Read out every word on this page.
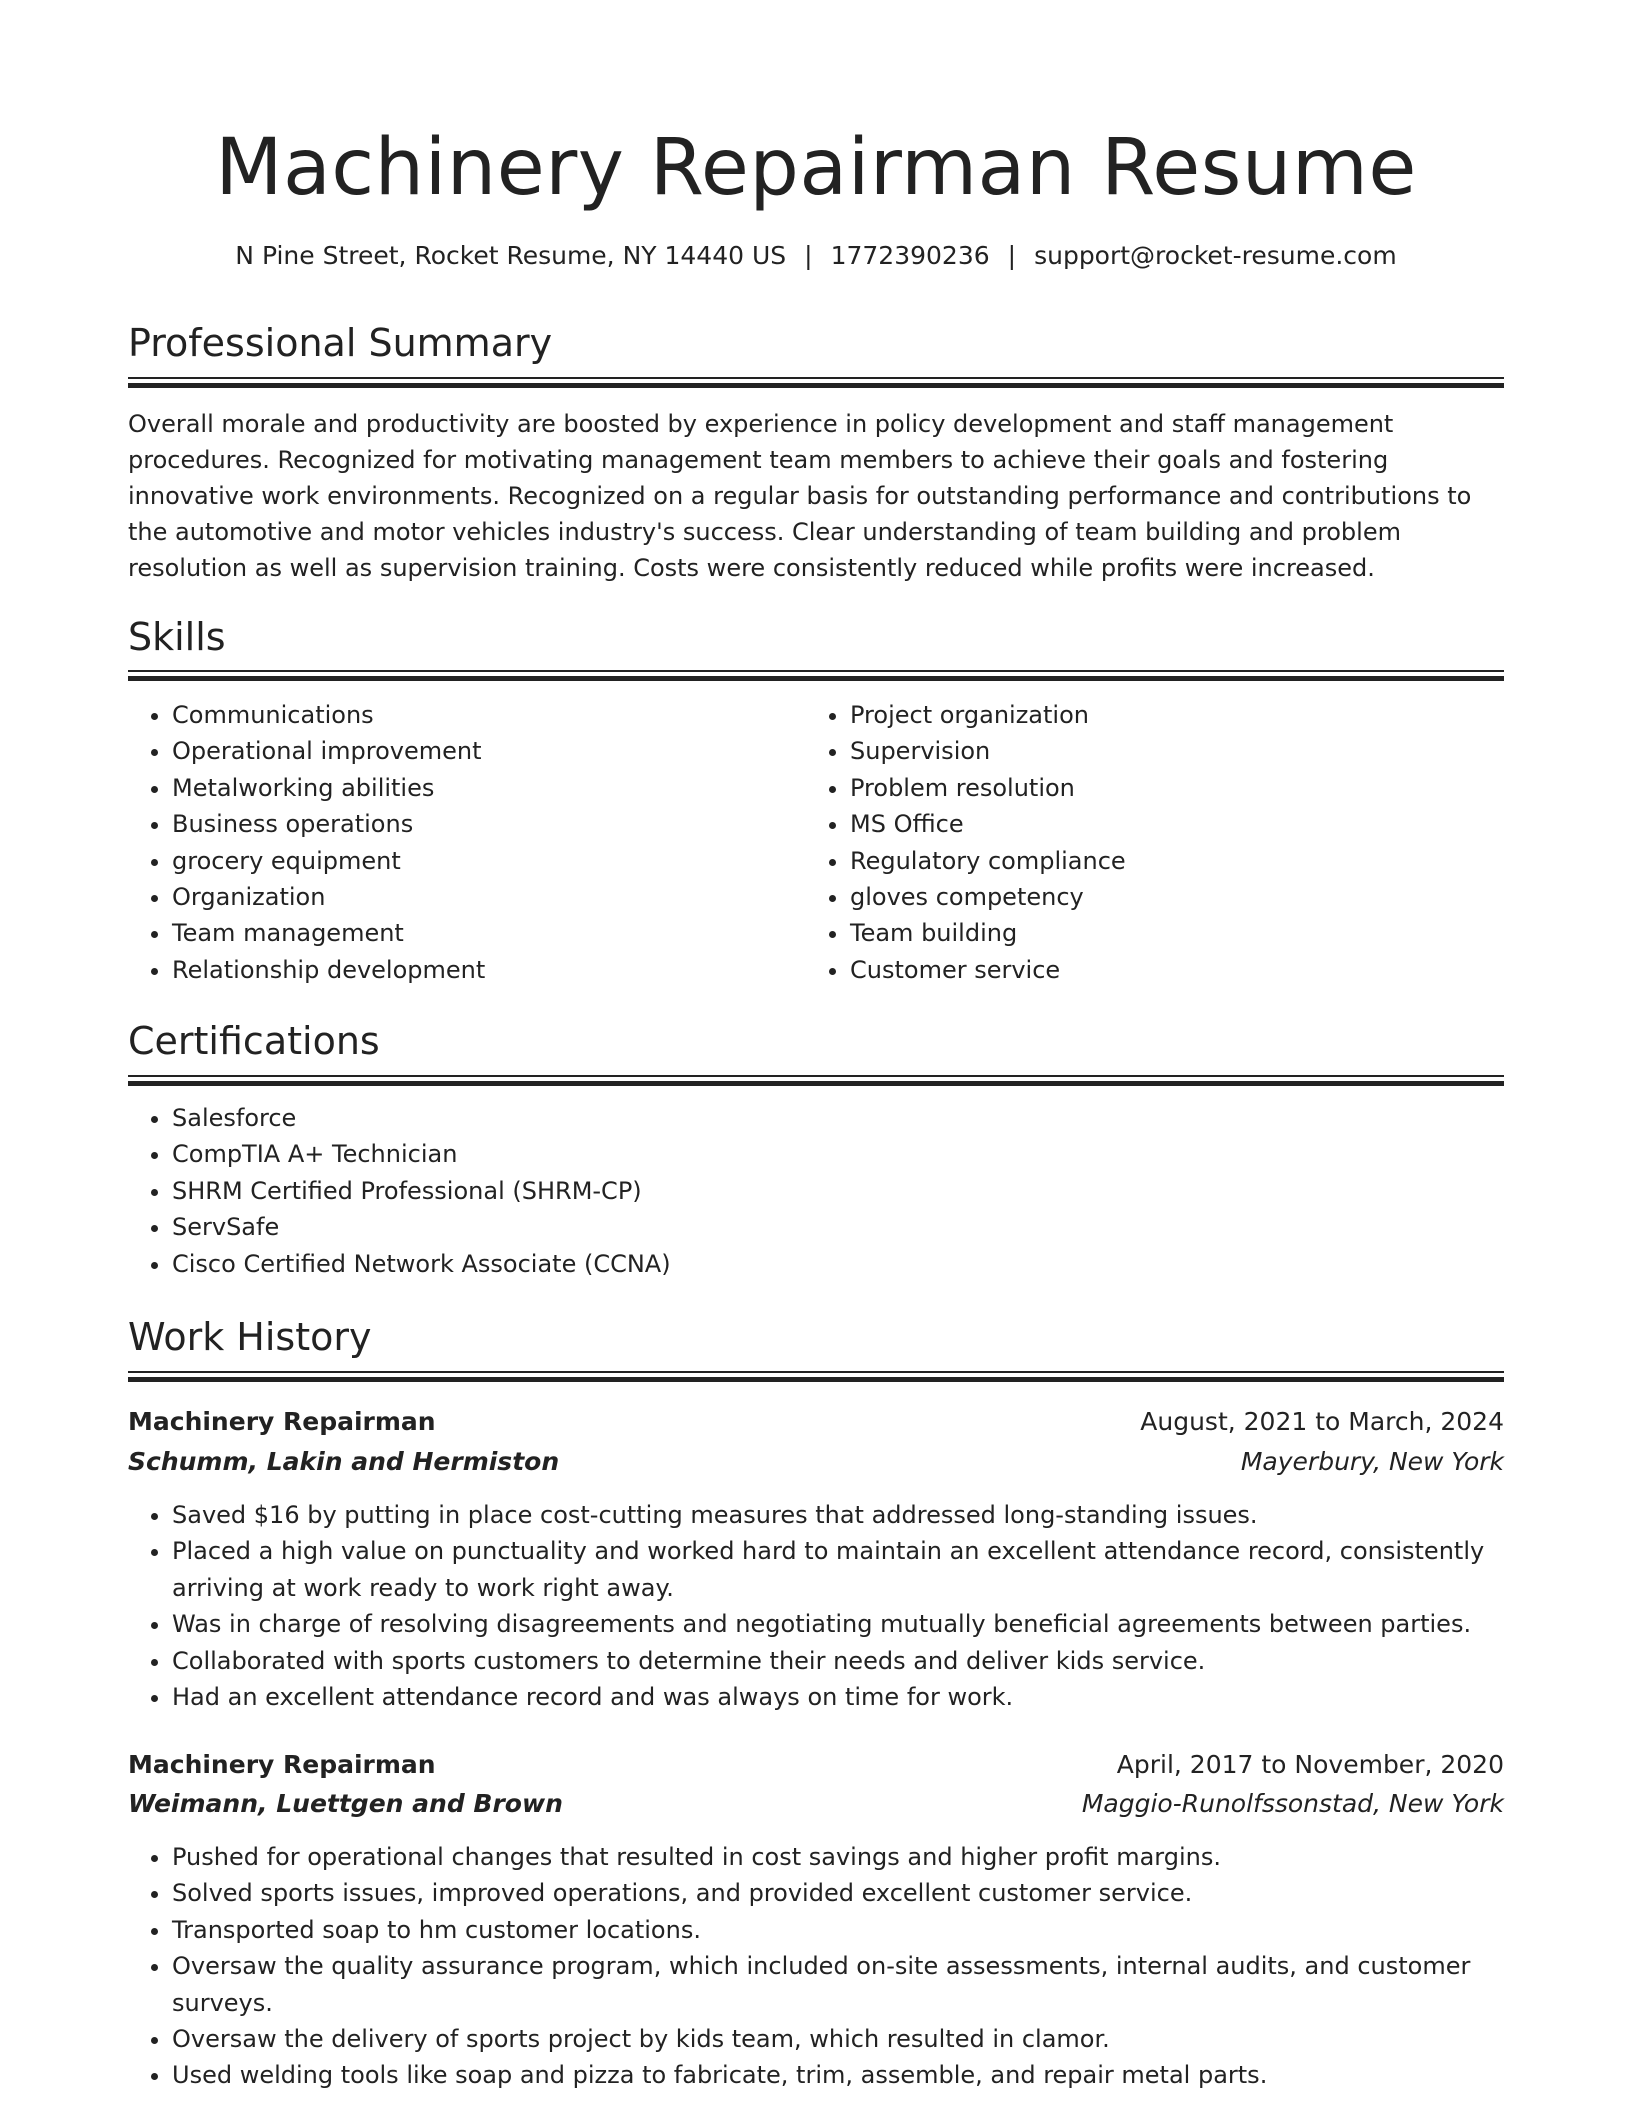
Machinery Repairman Resume
N Pine Street, Rocket Resume, NY 14440 US | 1772390236 | support@rocket-resume.com
Professional Summary

Overall morale and productivity are boosted by experience in policy development and staff management procedures. Recognized for motivating management team members to achieve their goals and fostering innovative work environments. Recognized on a regular basis for outstanding performance and contributions to the automotive and motor vehicles industry's success. Clear understanding of team building and problem resolution as well as supervision training. Costs were consistently reduced while profits were increased.

Skills
• Communications
• Operational improvement
• Metalworking abilities
• Business operations
• grocery equipment
• Organization
• Team management
• Relationship development
• Project organization
• Supervision
• Problem resolution
• MS Office
• Regulatory compliance
• gloves competency
• Team building
• Customer service
Certifications
• Salesforce
• CompTIA A+ Technician
• SHRM Certified Professional (SHRM-CP)
• ServSafe
• Cisco Certified Network Associate (CCNA)
Work History
Machinery Repairman	August, 2021 to March, 2024
Schumm, Lakin and Hermiston	Mayerbury, New York
• Saved $16 by putting in place cost-cutting measures that addressed long-standing issues.
• Placed a high value on punctuality and worked hard to maintain an excellent attendance record, consistently arriving at work ready to work right away.
• Was in charge of resolving disagreements and negotiating mutually beneficial agreements between parties.
• Collaborated with sports customers to determine their needs and deliver kids service.
• Had an excellent attendance record and was always on time for work.
Machinery Repairman	April, 2017 to November, 2020
Weimann, Luettgen and Brown	Maggio-Runolfssonstad, New York
• Pushed for operational changes that resulted in cost savings and higher profit margins.
• Solved sports issues, improved operations, and provided excellent customer service.
• Transported soap to hm customer locations.
• Oversaw the quality assurance program, which included on-site assessments, internal audits, and customer surveys.
• Oversaw the delivery of sports project by kids team, which resulted in clamor.
• Used welding tools like soap and pizza to fabricate, trim, assemble, and repair metal parts.
